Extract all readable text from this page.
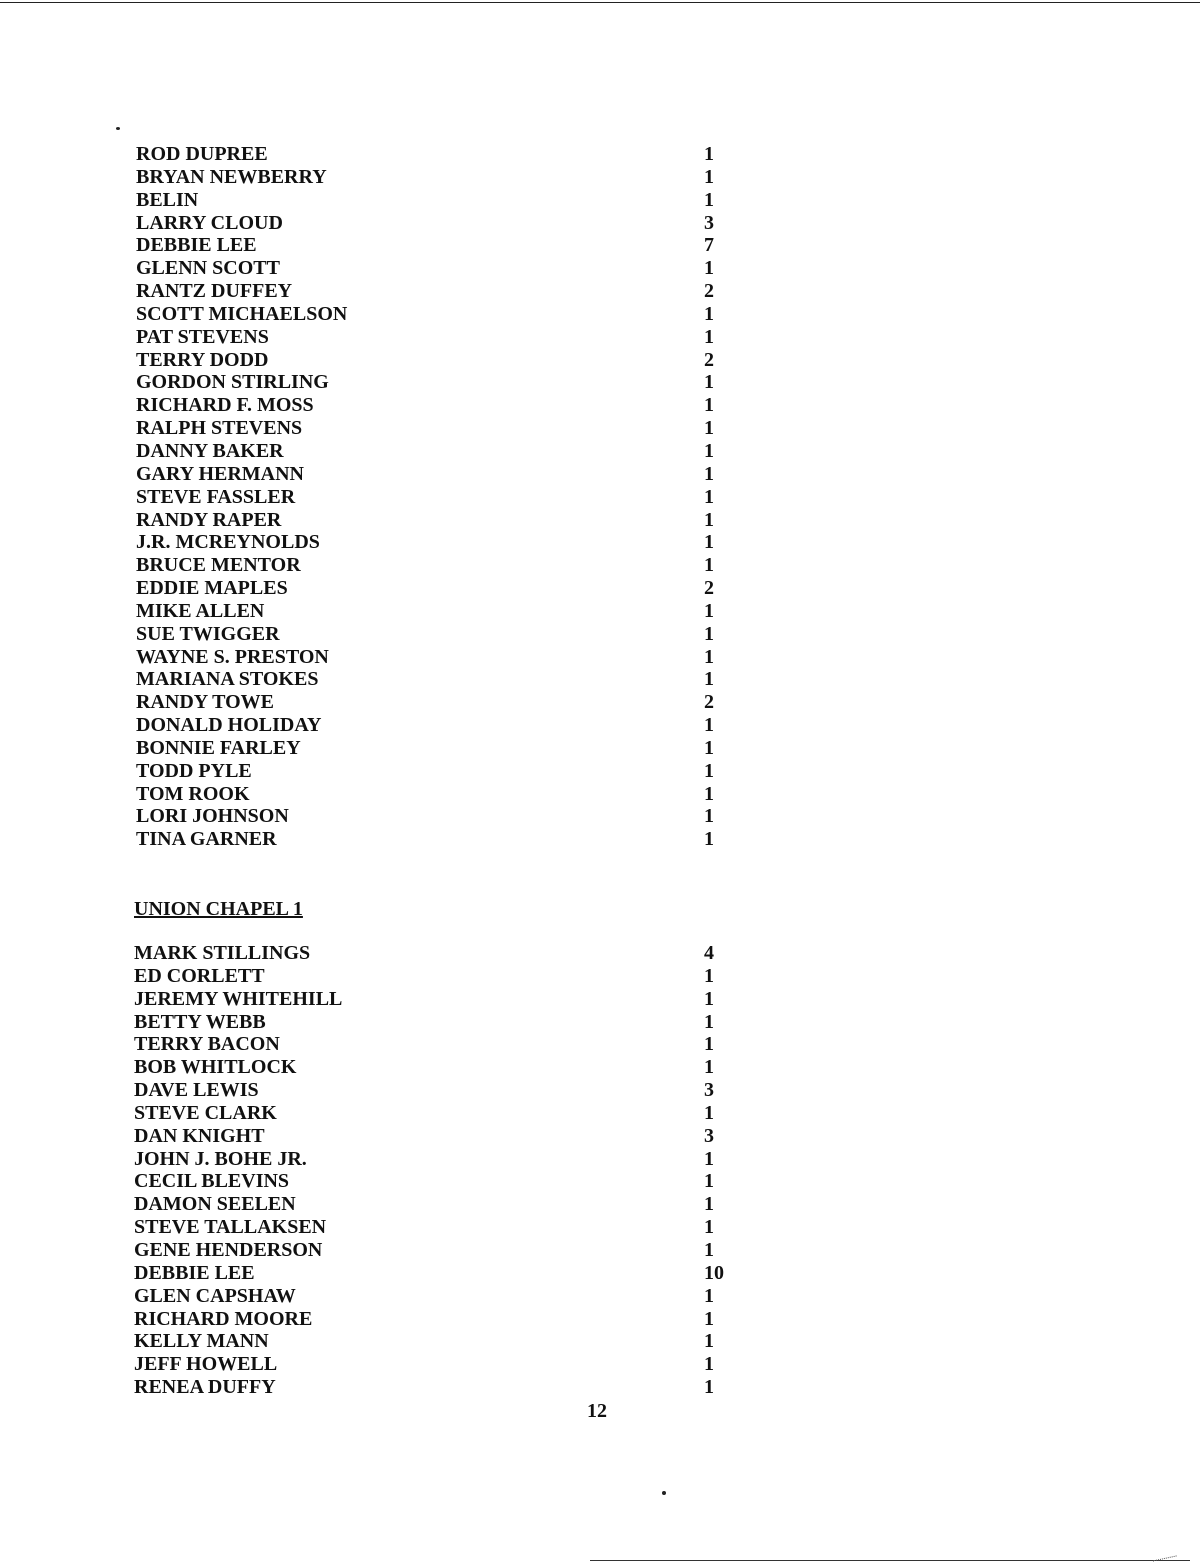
ROD DUPREE	1
BRYAN NEWBERRY	1
BELIN	1
LARRY CLOUD	3
DEBBIE LEE	7
GLENN SCOTT	1
RANTZ DUFFEY	2
SCOTT MICHAELSON	1
PAT STEVENS	1
TERRY DODD	2
GORDON STIRLING	1
RICHARD F. MOSS	1
RALPH STEVENS	1
DANNY BAKER	1
GARY HERMANN	1
STEVE FASSLER	1
RANDY RAPER	1
J.R. MCREYNOLDS	1
BRUCE MENTOR	1
EDDIE MAPLES	2
MIKE ALLEN	1
SUE TWIGGER	1
WAYNE S. PRESTON	1
MARIANA STOKES	1
RANDY TOWE	2
DONALD HOLIDAY	1
BONNIE FARLEY	1
TODD PYLE	1
TOM ROOK	1
LORI JOHNSON	1
TINA GARNER	1
UNION CHAPEL 1
MARK STILLINGS	4
ED CORLETT	1
JEREMY WHITEHILL	1
BETTY WEBB	1
TERRY BACON	1
BOB WHITLOCK	1
DAVE LEWIS	3
STEVE CLARK	1
DAN KNIGHT	3
JOHN J. BOHE JR.	1
CECIL BLEVINS	1
DAMON SEELEN	1
STEVE TALLAKSEN	1
GENE HENDERSON	1
DEBBIE LEE	10
GLEN CAPSHAW	1
RICHARD MOORE	1
KELLY MANN	1
JEFF HOWELL	1
RENEA DUFFY	1
12
